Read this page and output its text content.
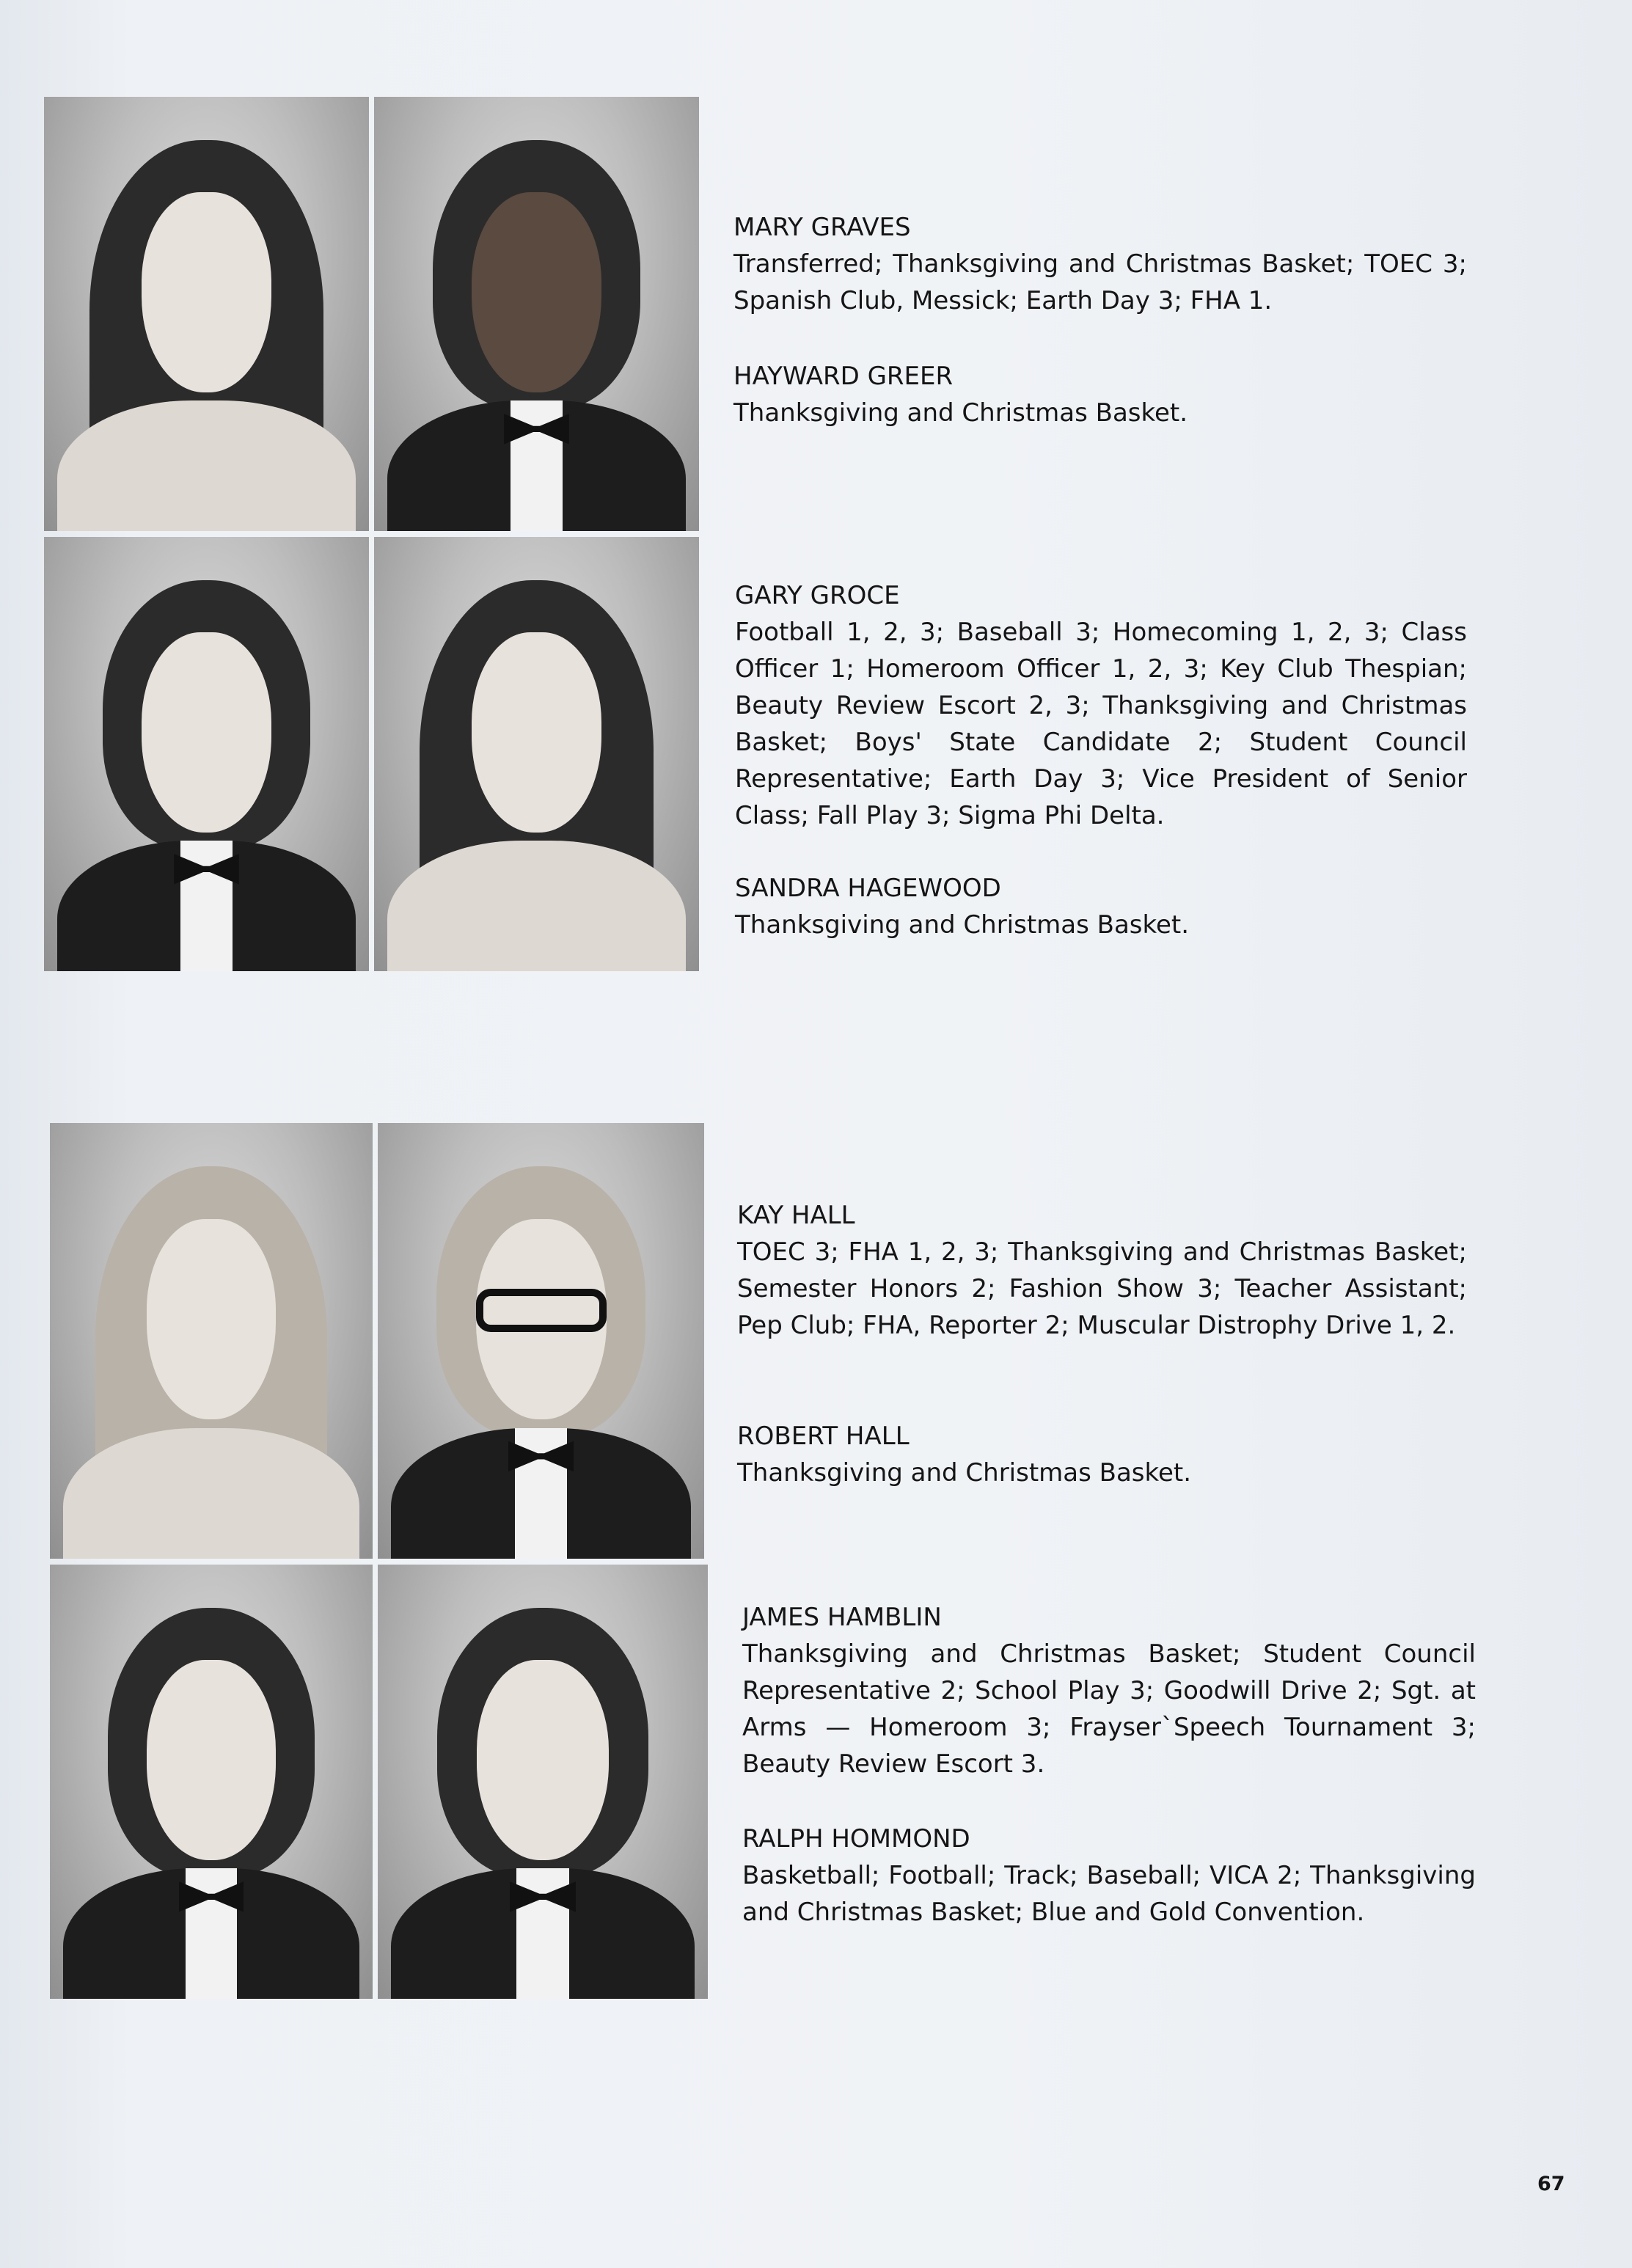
MARY GRAVES
Transferred; Thanksgiving and Christmas Basket; TOEC 3; Spanish Club, Messick; Earth Day 3; FHA 1.
HAYWARD GREER
Thanksgiving and Christmas Basket.
GARY GROCE
Football 1, 2, 3; Baseball 3; Homecoming 1, 2, 3; Class Officer 1; Homeroom Officer 1, 2, 3; Key Club Thespian; Beauty Review Escort 2, 3; Thanksgiving and Christmas Basket; Boys' State Candidate 2; Student Council Representative; Earth Day 3; Vice President of Senior Class; Fall Play 3; Sigma Phi Delta.
SANDRA HAGEWOOD
Thanksgiving and Christmas Basket.
KAY HALL
TOEC 3; FHA 1, 2, 3; Thanksgiving and Christmas Basket; Semester Honors 2; Fashion Show 3; Teacher Assistant; Pep Club; FHA, Reporter 2; Muscular Distrophy Drive 1, 2.
ROBERT HALL
Thanksgiving and Christmas Basket.
JAMES HAMBLIN
Thanksgiving and Christmas Basket; Student Council Representative 2; School Play 3; Goodwill Drive 2; Sgt. at Arms — Homeroom 3; Frayser`Speech Tournament 3; Beauty Review Escort 3.
RALPH HOMMOND
Basketball; Football; Track; Baseball; VICA 2; Thanksgiving and Christmas Basket; Blue and Gold Convention.
67
